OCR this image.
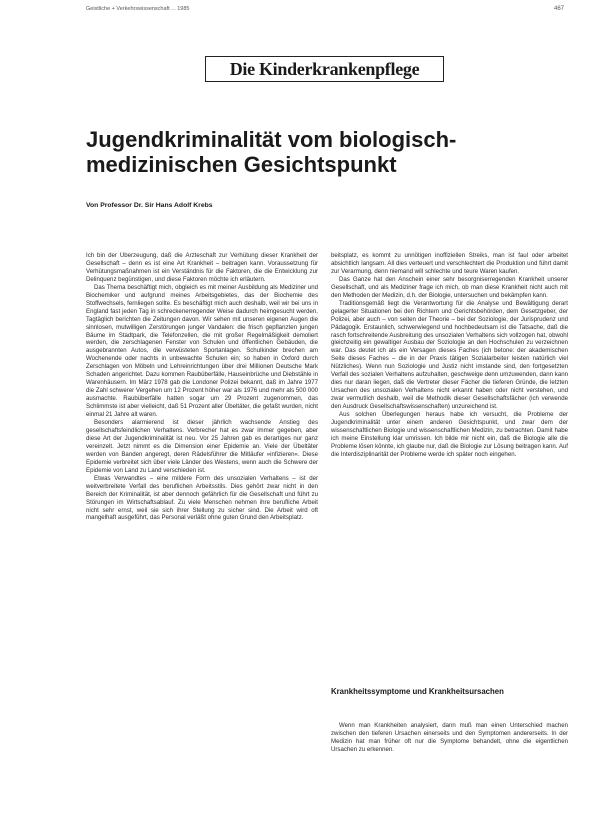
Geistliche + Verkehrswissenschaft ... 1985	467
Die Kinderkrankenpflege
Jugendkriminalität vom biologisch-medizinischen Gesichtspunkt
Von Professor Dr. Sir Hans Adolf Krebs

Ich bin der Überzeugung, daß die Ärzteschaft zur Verhütung dieser Krankheit der Gesellschaft – denn es ist eine Art Krankheit – beitragen kann. Voraussetzung für Verhütungsmaßnahmen ist ein Verständnis für die Faktoren, die die Entwicklung zur Delinquenz begünstigen, und diese Faktoren möchte ich erläutern.

Das Thema beschäftigt mich, obgleich es mit meiner Ausbildung als Mediziner und Biochemiker und aufgrund meines Arbeitsgebietes, das der Biochemie des Stoffwechsels, fernliegen sollte. Es beschäftigt mich auch deshalb, weil wir bei uns in England fast jeden Tag in schreckenerregender Weise dadurch heimgesucht werden. Tagtäglich berichten die Zeitungen davon. Wir sehen mit unseren eigenen Augen die sinnlosen, mutwilligen Zerstörungen junger Vandalen: die frisch gepflanzten jungen Bäume im Stadtpark, die Telefonzellen, die mit großer Regelmäßigkeit demoliert werden, die zerschlagenen Fenster von Schulen und öffentlichen Gebäuden, die ausgebrannten Autos, die verwüsteten Sportanlagen. Schulkinder brechen am Wochenende oder nachts in unbewachte Schulen ein; so haben in Oxford durch Zerschlagen von Möbeln und Lehreinrichtungen über drei Millionen Deutsche Mark Schaden angerichtet. Dazu kommen Raubüberfälle, Hauseinbrüche und Diebstähle in Warenhäusern. Im März 1978 gab die Londoner Polizei bekannt, daß im Jahre 1977 die Zahl schwerer Vergehen um 12 Prozent höher war als 1976 und mehr als 500 000 ausmachte. Raubüberfälle hatten sogar um 29 Prozent zugenommen, das Schlimmste ist aber vielleicht, daß 51 Prozent aller Übeltäter, die gefaßt wurden, nicht einmal 21 Jahre alt waren.

Besonders alarmierend ist dieser jährlich wachsende Anstieg des gesellschaftsfeindlichen Verhaltens. Verbrecher hat es zwar immer gegeben, aber diese Art der Jugendkriminalität ist neu. Vor 25 Jahren gab es derartiges nur ganz vereinzelt. Jetzt nimmt es die Dimension einer Epidemie an. Viele der Übeltäter werden von Banden angeregt, deren Rädelsführer die Mitläufer »infizieren«. Diese Epidemie verbreitet sich über viele Länder des Westens, wenn auch die Schwere der Epidemie von Land zu Land verschieden ist.

Etwas Verwandtes – eine mildere Form des unsozialen Verhaltens – ist der weitverbreitete Verfall des beruflichen Arbeitsstils. Dies gehört zwar nicht in den Bereich der Kriminalität, ist aber dennoch gefährlich für die Gesellschaft und führt zu Störungen im Wirtschaftsablauf. Zu viele Menschen nehmen ihre berufliche Arbeit nicht sehr ernst, weil sie sich ihrer Stellung zu sicher sind. Die Arbeit wird oft mangelhaft ausgeführt, das Personal verläßt ohne guten Grund den Arbeitsplatz.

beitsplatz, es kommt zu unnötigen inoffiziellen Streiks, man ist faul oder arbeitet absichtlich langsam. All dies verteuert und verschlechtert die Produktion und führt damit zur Verarmung, denn niemand will schlechte und teure Waren kaufen.

Das Ganze hat den Anschein einer sehr besorgniserregenden Krankheit unserer Gesellschaft, und als Mediziner frage ich mich, ob man diese Krankheit nicht auch mit den Methoden der Medizin, d.h. der Biologie, untersuchen und bekämpfen kann.

Traditionsgemäß liegt die Verantwortung für die Analyse und Bewältigung derart gelagerter Situationen bei den Richtern und Gerichtsbehörden, dem Gesetzgeber, der Polizei, aber auch – von seiten der Theorie – bei der Soziologie, der Jurisprudenz und Pädagogik. Erstaunlich, schwerwiegend und hochbedeutsam ist die Tatsache, daß die rasch fortschreitende Ausbreitung des unsozialen Verhaltens sich vollzogen hat, obwohl gleichzeitig ein gewaltiger Ausbau der Soziologie an den Hochschulen zu verzeichnen war. Das deutet ich als ein Versagen dieses Faches (ich betone: der akademischen Seite dieses Faches – die in der Praxis tätigen Sozialarbeiter leisten natürlich viel Nützliches). Wenn nun Soziologie und Justiz nicht imstande sind, den fortgesetzten Verfall des sozialen Verhaltens aufzuhalten, geschweige denn umzuwenden, dann kann dies nur daran liegen, daß die Vertreter dieser Fächer die tieferen Gründe, die letzten Ursachen des unsozialen Verhaltens nicht erkannt haben oder nicht verstehen, und zwar vermutlich deshalb, weil die Methodik dieser Gesellschaftsfächer (ich verwende den Ausdruck Gesellschaftswissenschaften) unzureichend ist.

Aus solchen Überlegungen heraus habe ich versucht, die Probleme der Jugendkriminalität unter einem anderen Gesichtspunkt, und zwar dem der wissenschaftlichen Biologie und wissenschaftlichen Medizin, zu betrachten. Damit habe ich meine Einstellung klar umrissen. Ich bilde mir nicht ein, daß die Biologie alle die Probleme lösen könnte, ich glaube nur, daß die Biologie zur Lösung beitragen kann. Auf die Interdisziplinarität der Probleme werde ich später noch eingehen.

Krankheitssymptome und Krankheitsursachen

Wenn man Krankheiten analysiert, dann muß man einen Unterschied machen zwischen den tieferen Ursachen einerseits und den Symptomen andererseits. In der Medizin hat man früher oft nur die Symptome behandelt, ohne die eigentlichen Ursachen zu erkennen.
